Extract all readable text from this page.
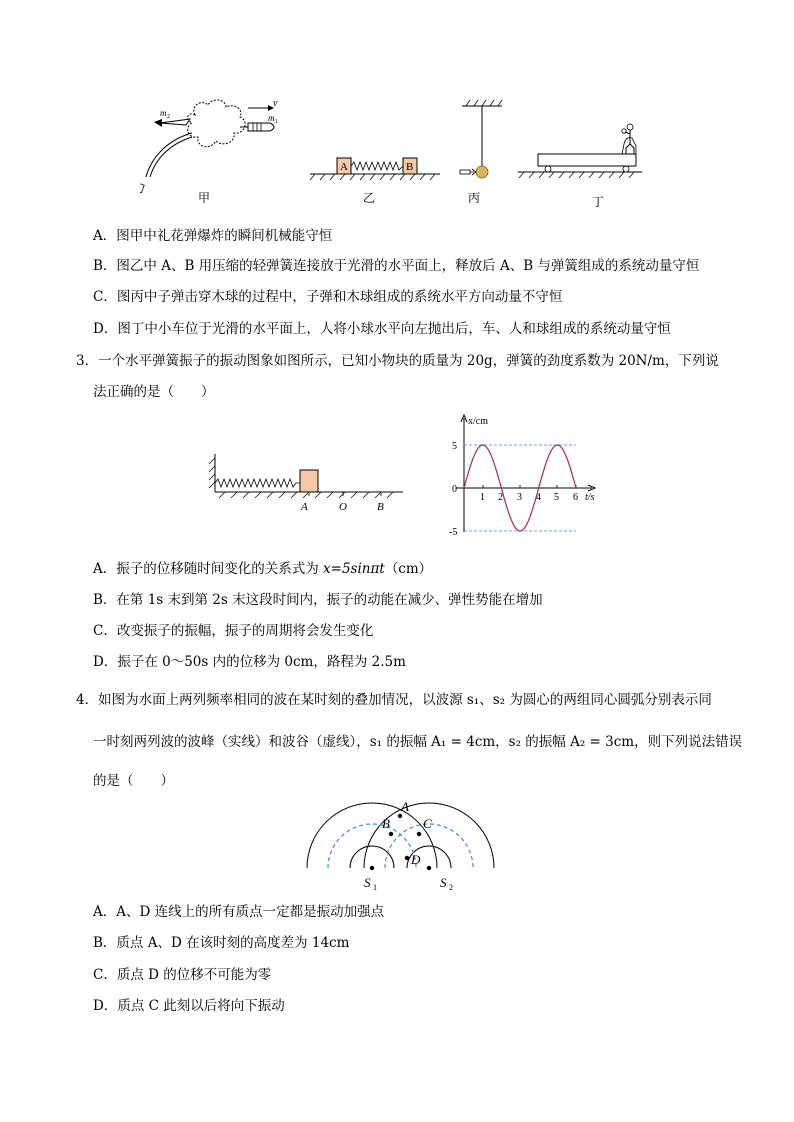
v
m 1
m 2
甲
A	B
乙	丙	丁
A．图甲中礼花弹爆炸的瞬间机械能守恒
B．图乙中 A、B 用压缩的轻弹簧连接放于光滑的水平面上，释放后 A、B 与弹簧组成的系统动量守恒
C．图丙中子弹击穿木球的过程中，子弹和木球组成的系统水平方向动量不守恒
D．图丁中小车位于光滑的水平面上，人将小球水平向左抛出后，车、人和球组成的系统动量守恒
3．一个水平弹簧振子的振动图象如图所示，已知小物块的质量为 20g，弹簧的劲度系数为 20N/m，下列说
法正确的是（　　）
A	O	B
x/cm
t/s
1 2 3 4 5 6
5
0
-5
A．振子的位移随时间变化的关系式为 x=5sinπt（cm）
B．在第 1s 末到第 2s 末这段时间内，振子的动能在减少、弹性势能在增加
C．改变振子的振幅，振子的周期将会发生变化
D．振子在 0～50s 内的位移为 0cm，路程为 2.5m
4．如图为水面上两列频率相同的波在某时刻的叠加情况，以波源 s₁、s₂ 为圆心的两组同心圆弧分别表示同
一时刻两列波的波峰（实线）和波谷（虚线），s₁ 的振幅 A₁ = 4cm，s₂ 的振幅 A₂ = 3cm，则下列说法错误
的是（　　）
A
B	C
D
S	S
1	2
A．A、D 连线上的所有质点一定都是振动加强点
B．质点 A、D 在该时刻的高度差为 14cm
C．质点 D 的位移不可能为零
D．质点 C 此刻以后将向下振动
